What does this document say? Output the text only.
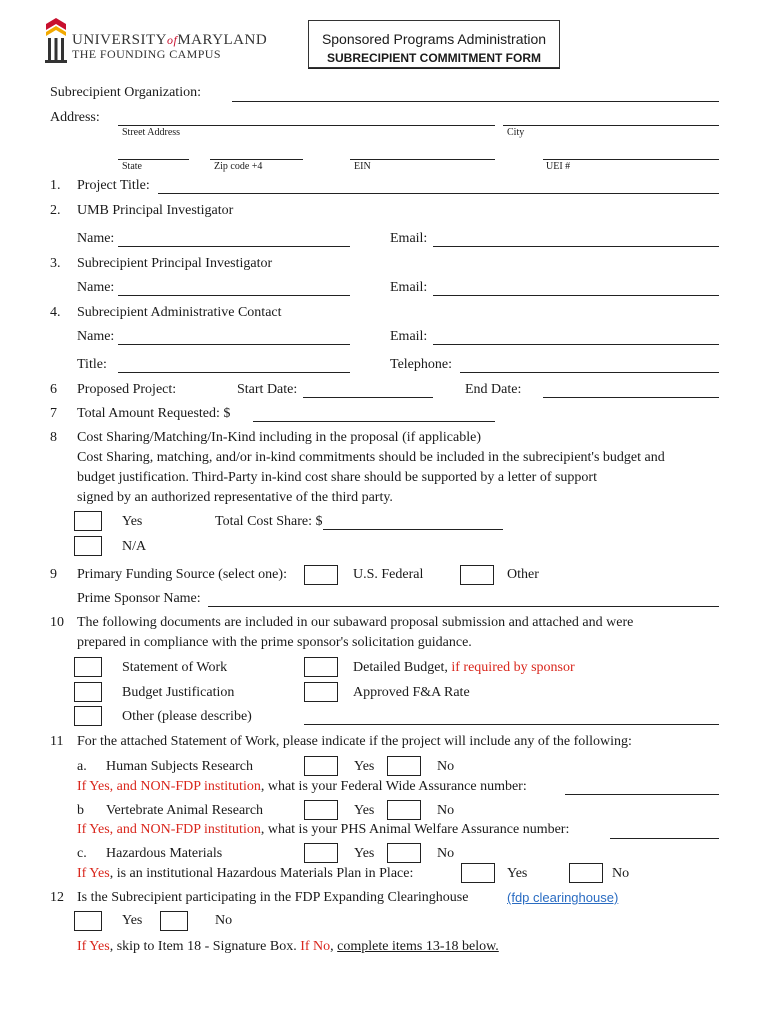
UNIVERSITYofMARYLAND
THE FOUNDING CAMPUS
Sponsored Programs Administration
SUBRECIPIENT COMMITMENT FORM
Subrecipient Organization:
Address:
Street Address	City
State	Zip code +4	EIN	UEI #
1. Project Title:
2. UMB Principal Investigator
Name:	Email:
3. Subrecipient Principal Investigator
Name:	Email:
4. Subrecipient Administrative Contact
Name:	Email:
Title:	Telephone:
6 Proposed Project:	Start Date:	End Date:
7 Total Amount Requested: $
8 Cost Sharing/Matching/In-Kind including in the proposal (if applicable)
Cost Sharing, matching, and/or in-kind commitments should be included in the subrecipient's budget and
budget justification. Third-Party in-kind cost share should be supported by a letter of support
signed by an authorized representative of the third party.
Yes	Total Cost Share: $
N/A
9 Primary Funding Source (select one):	U.S. Federal	Other
Prime Sponsor Name:
10 The following documents are included in our subaward proposal submission and attached and were
prepared in compliance with the prime sponsor's solicitation guidance.
Statement of Work	Detailed Budget, if required by sponsor
Budget Justification	Approved F&A Rate
Other (please describe)
11 For the attached Statement of Work, please indicate if the project will include any of the following:
a. Human Subjects Research	Yes	No
If Yes, and NON-FDP institution, what is your Federal Wide Assurance number:
b Vertebrate Animal Research	Yes	No
If Yes, and NON-FDP institution, what is your PHS Animal Welfare Assurance number:
c. Hazardous Materials	Yes	No
If Yes, is an institutional Hazardous Materials Plan in Place:	Yes	No
12 Is the Subrecipient participating in the FDP Expanding Clearinghouse	(fdp clearinghouse)
Yes	No
If Yes, skip to Item 18 - Signature Box. If No, complete items 13-18 below.
